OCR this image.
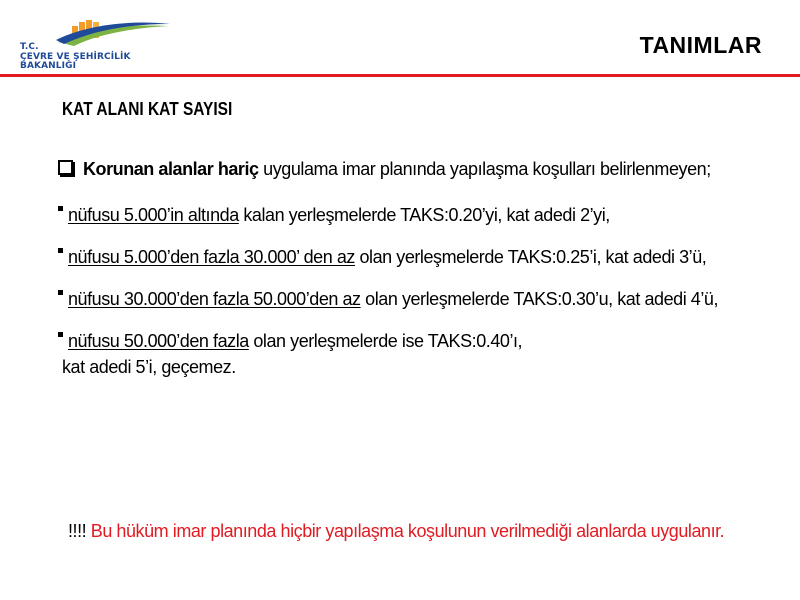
T.C.
ÇEVRE VE ŞEHİRCİLİK
BAKANLIĞI
TANIMLAR
KAT ALANI KAT SAYISI
Korunan alanlar hariç uygulama imar planında yapılaşma koşulları belirlenmeyen;
nüfusu 5.000’in altında kalan yerleşmelerde TAKS:0.20’yi, kat adedi 2’yi,
nüfusu 5.000’den fazla 30.000’ den az olan yerleşmelerde TAKS:0.25’i, kat adedi 3’ü,
nüfusu 30.000’den fazla 50.000’den az olan yerleşmelerde TAKS:0.30’u, kat adedi 4’ü,
nüfusu 50.000’den fazla olan yerleşmelerde ise TAKS:0.40’ı,
kat adedi 5’i, geçemez.
!!!! Bu hüküm imar planında hiçbir yapılaşma koşulunun verilmediği alanlarda uygulanır.
